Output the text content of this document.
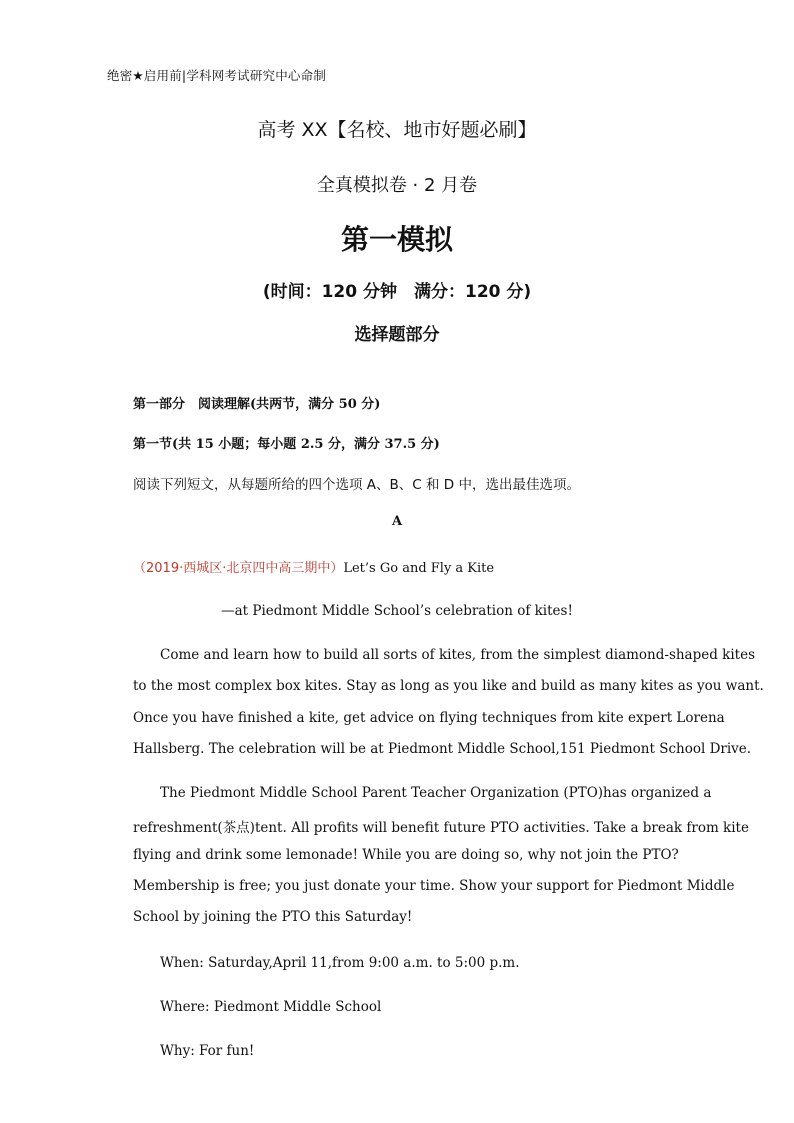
绝密★启用前|学科网考试研究中心命制
高考 XX【名校、地市好题必刷】
全真模拟卷 · 2 月卷
第一模拟
(时间：120 分钟　满分：120 分)
选择题部分
第一部分　阅读理解(共两节，满分 50 分)
第一节(共 15 小题；每小题 2.5 分，满分 37.5 分)
阅读下列短文，从每题所给的四个选项 A、B、C 和 D 中，选出最佳选项。
A
（2019·西城区·北京四中高三期中）Let’s Go and Fly a Kite
—at Piedmont Middle School’s celebration of kites!
Come and learn how to build all sorts of kites, from the simplest diamond-shaped kites
to the most complex box kites. Stay as long as you like and build as many kites as you want.
Once you have finished a kite, get advice on flying techniques from kite expert Lorena
Hallsberg. The celebration will be at Piedmont Middle School,151 Piedmont School Drive.
The Piedmont Middle School Parent Teacher Organization (PTO)has organized a
refreshment(茶点)tent. All profits will benefit future PTO activities. Take a break from kite
flying and drink some lemonade! While you are doing so, why not join the PTO?
Membership is free; you just donate your time. Show your support for Piedmont Middle
School by joining the PTO this Saturday!
When: Saturday,April 11,from 9:00 a.m. to 5:00 p.m.
Where: Piedmont Middle School
Why: For fun!
